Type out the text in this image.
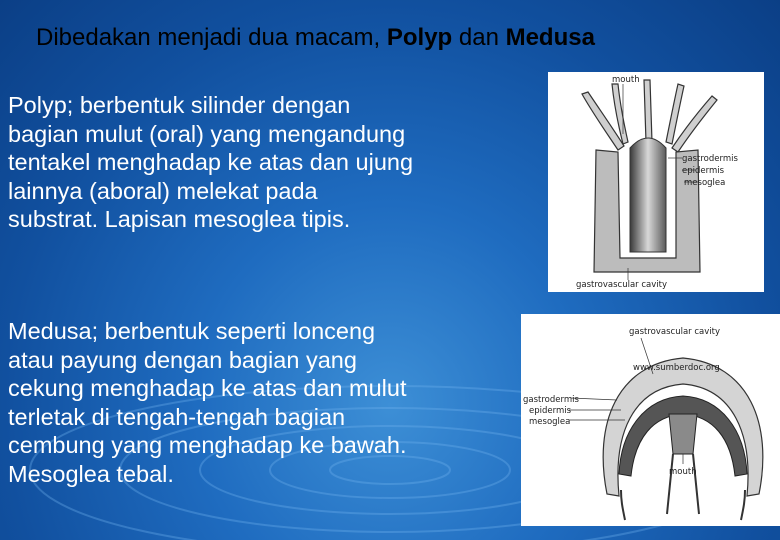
Dibedakan menjadi dua macam, Polyp dan Medusa

Polyp; berbentuk silinder dengan
bagian mulut (oral) yang mengandung
tentakel menghadap ke atas dan ujung
lainnya (aboral) melekat pada
substrat. Lapisan mesoglea tipis.

Medusa; berbentuk seperti lonceng
atau payung dengan bagian yang
cekung menghadap ke atas dan mulut
terletak di tengah-tengah bagian
cembung yang menghadap ke bawah.
Mesoglea tebal.

mouth
gastrodermis
epidermis
mesoglea
gastrovascular cavity
gastrovascular cavity
www.sumberdoc.org
gastrodermis
epidermis
mesoglea
mouth
